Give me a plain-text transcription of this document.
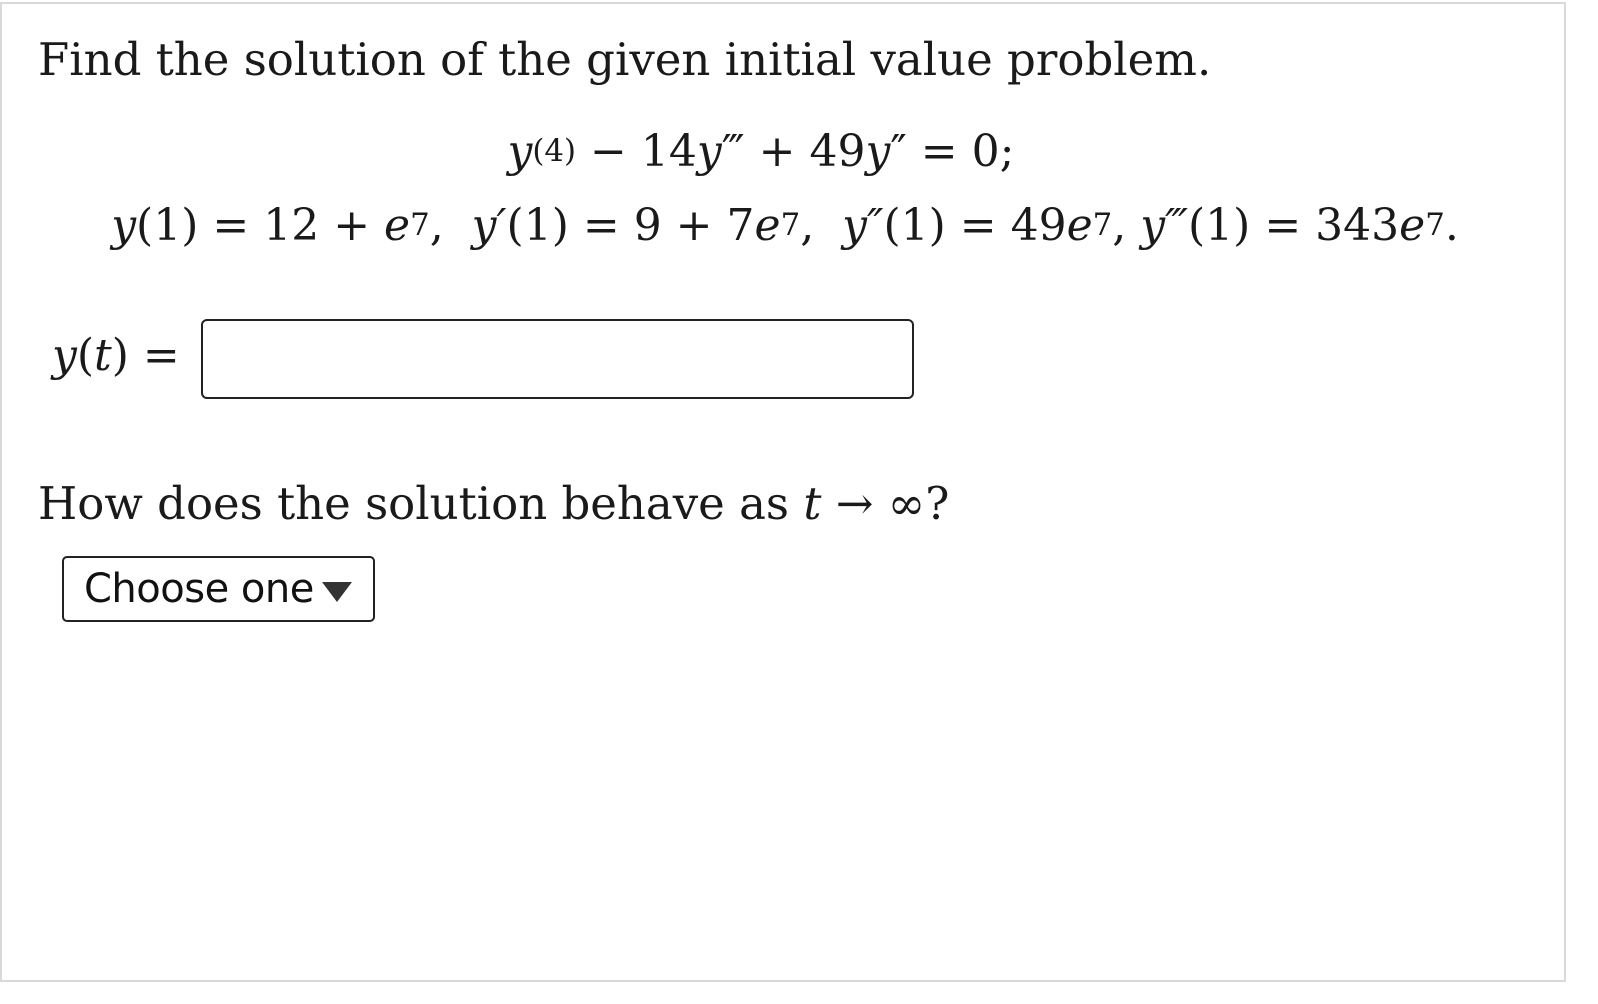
Find the solution of the given initial value problem.
$y^{(4)}$ − 14y‴ + 49y″ = 0;
$y(1) = 12 + e^7$,  $y'(1) = 9 + 7e^7$,  $y''(1) = 49e^7$, y‴(1) = $343e^7$.
y(t) =
How does the solution behave as t → ∞?
Choose one
